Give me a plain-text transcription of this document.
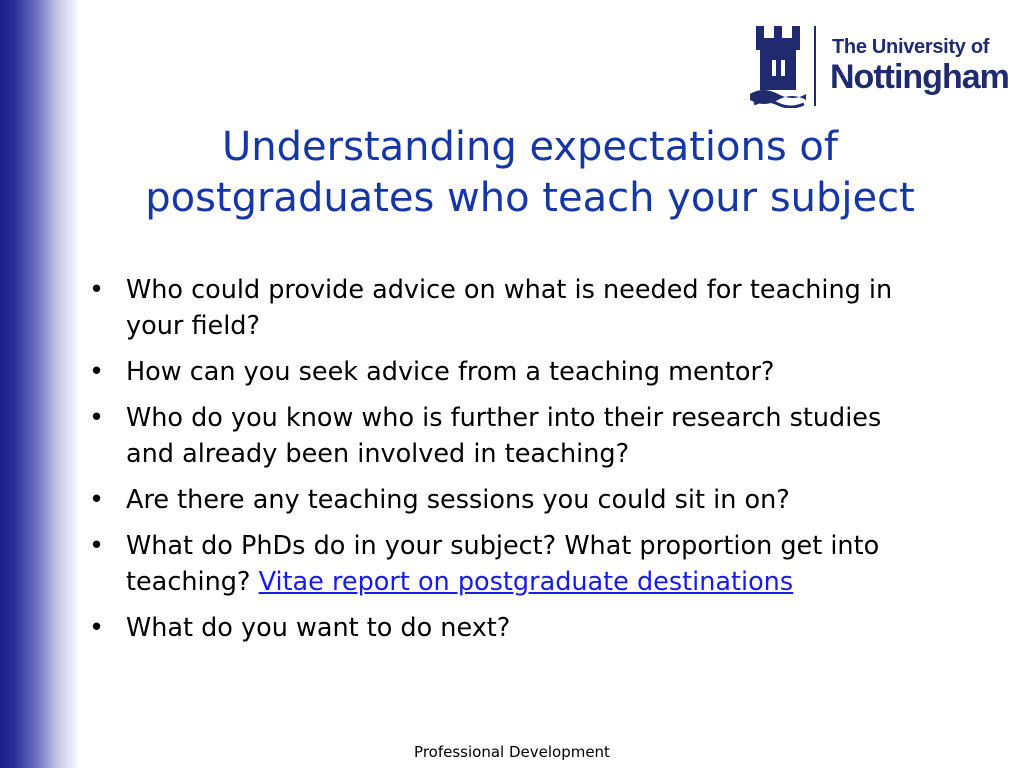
The University of
Nottingham
Understanding expectations of
postgraduates who teach your subject
• Who could provide advice on what is needed for teaching in your field?
• How can you seek advice from a teaching mentor?
• Who do you know who is further into their research studies and already been involved in teaching?
• Are there any teaching sessions you could sit in on?
• What do PhDs do in your subject? What proportion get into teaching? Vitae report on postgraduate destinations
• What do you want to do next?
Professional Development
